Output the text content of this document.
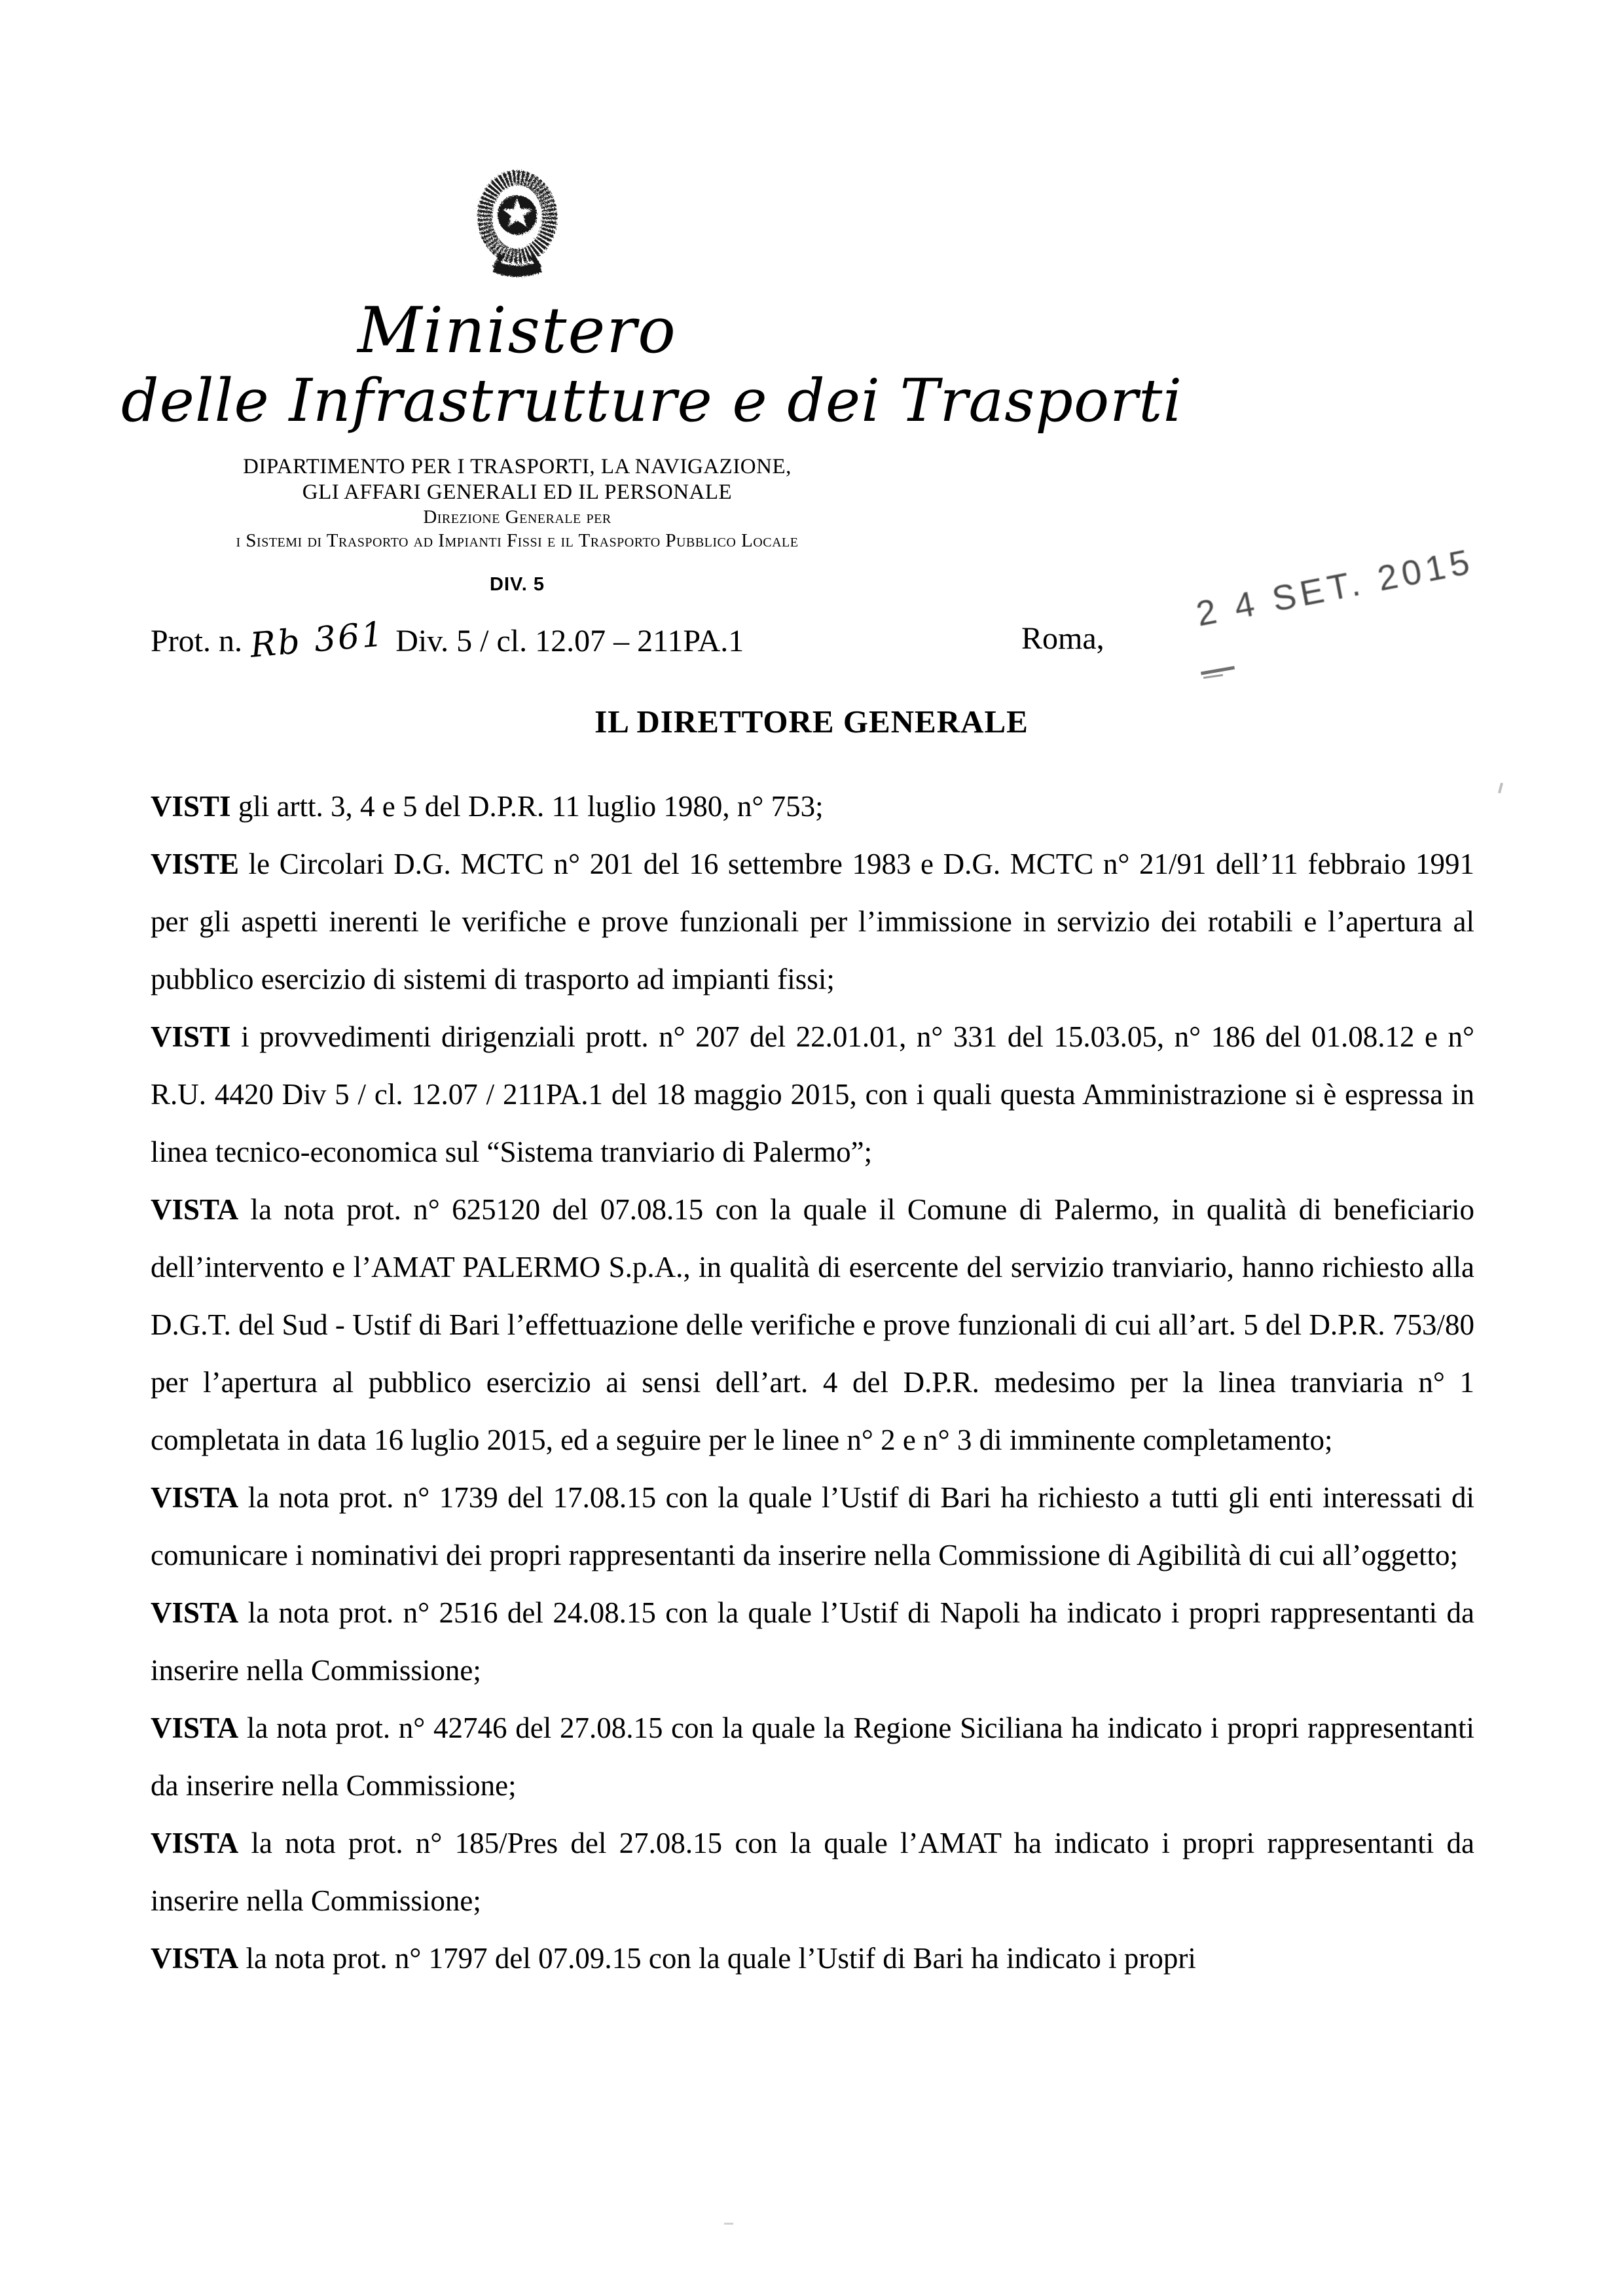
Ministero
delle Infrastrutture e dei Trasporti
DIPARTIMENTO PER I TRASPORTI, LA NAVIGAZIONE,
GLI AFFARI GENERALI ED IL PERSONALE
Direzione Generale per
i Sistemi di Trasporto ad Impianti Fissi e il Trasporto Pubblico Locale
DIV. 5
Prot. n. Rb 361 Div. 5 / cl. 12.07 – 211PA.1	Roma,
2 4 SET. 2015
IL DIRETTORE GENERALE

VISTI gli artt. 3, 4 e 5 del D.P.R. 11 luglio 1980, n° 753;

VISTE le Circolari D.G. MCTC n° 201 del 16 settembre 1983 e D.G. MCTC n° 21/91 dell’11 febbraio 1991 per gli aspetti inerenti le verifiche e prove funzionali per l’immissione in servizio dei rotabili e l’apertura al pubblico esercizio di sistemi di trasporto ad impianti fissi;

VISTI i provvedimenti dirigenziali prott. n° 207 del 22.01.01, n° 331 del 15.03.05, n° 186 del 01.08.12 e n° R.U. 4420 Div 5 / cl. 12.07 / 211PA.1 del 18 maggio 2015, con i quali questa Amministrazione si è espressa in linea tecnico-economica sul “Sistema tranviario di Palermo”;

VISTA la nota prot. n° 625120 del 07.08.15 con la quale il Comune di Palermo, in qualità di beneficiario dell’intervento e l’AMAT PALERMO S.p.A., in qualità di esercente del servizio tranviario, hanno richiesto alla D.G.T. del Sud - Ustif di Bari l’effettuazione delle verifiche e prove funzionali di cui all’art. 5 del D.P.R. 753/80 per l’apertura al pubblico esercizio ai sensi dell’art. 4 del D.P.R. medesimo per la linea tranviaria n° 1 completata in data 16 luglio 2015, ed a seguire per le linee n° 2 e n° 3 di imminente completamento;

VISTA la nota prot. n° 1739 del 17.08.15 con la quale l’Ustif di Bari ha richiesto a tutti gli enti interessati di comunicare i nominativi dei propri rappresentanti da inserire nella Commissione di Agibilità di cui all’oggetto;

VISTA la nota prot. n° 2516 del 24.08.15 con la quale l’Ustif di Napoli ha indicato i propri rappresentanti da inserire nella Commissione;

VISTA la nota prot. n° 42746 del 27.08.15 con la quale la Regione Siciliana ha indicato i propri rappresentanti da inserire nella Commissione;

VISTA la nota prot. n° 185/Pres del 27.08.15 con la quale l’AMAT ha indicato i propri rappresentanti da inserire nella Commissione;

VISTA la nota prot. n° 1797 del 07.09.15 con la quale l’Ustif di Bari ha indicato i propri
